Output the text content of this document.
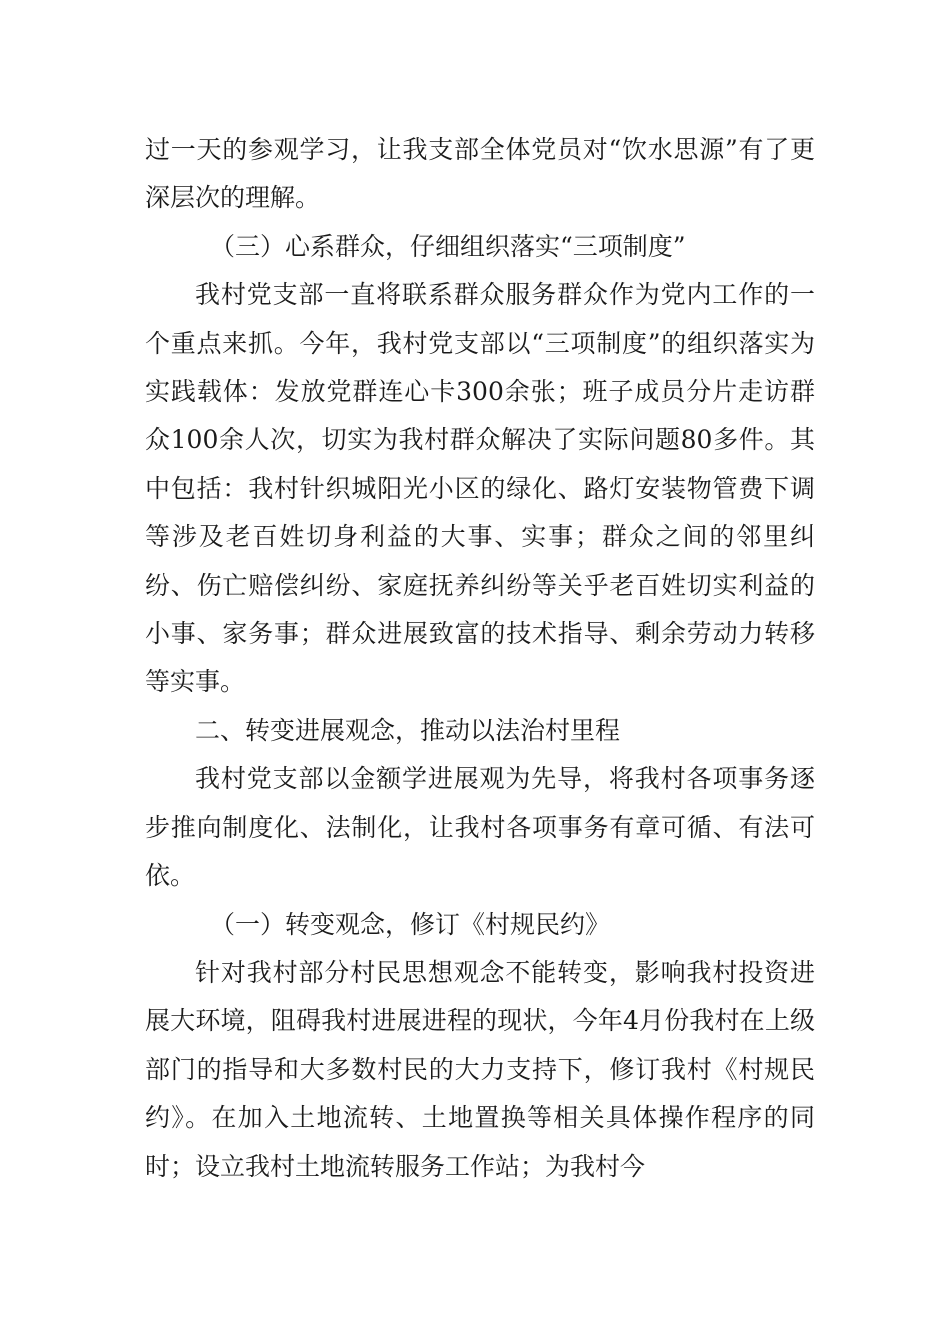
过一天的参观学习，让我支部全体党员对“饮水思源”有了更深层次的理解。

（三）心系群众，仔细组织落实“三项制度”

我村党支部一直将联系群众服务群众作为党内工作的一个重点来抓。今年，我村党支部以“三项制度”的组织落实为实践载体：发放党群连心卡300余张；班子成员分片走访群众100余人次，切实为我村群众解决了实际问题80多件。其中包括：我村针织城阳光小区的绿化、路灯安装物管费下调等涉及老百姓切身利益的大事、实事；群众之间的邻里纠纷、伤亡赔偿纠纷、家庭抚养纠纷等关乎老百姓切实利益的小事、家务事；群众进展致富的技术指导、剩余劳动力转移等实事。

二、转变进展观念，推动以法治村里程

我村党支部以金额学进展观为先导，将我村各项事务逐步推向制度化、法制化，让我村各项事务有章可循、有法可依。

（一）转变观念，修订《村规民约》

针对我村部分村民思想观念不能转变，影响我村投资进展大环境，阻碍我村进展进程的现状，今年4月份我村在上级部门的指导和大多数村民的大力支持下，修订我村《村规民约》。在加入土地流转、土地置换等相关具体操作程序的同时；设立我村土地流转服务工作站；为我村今
